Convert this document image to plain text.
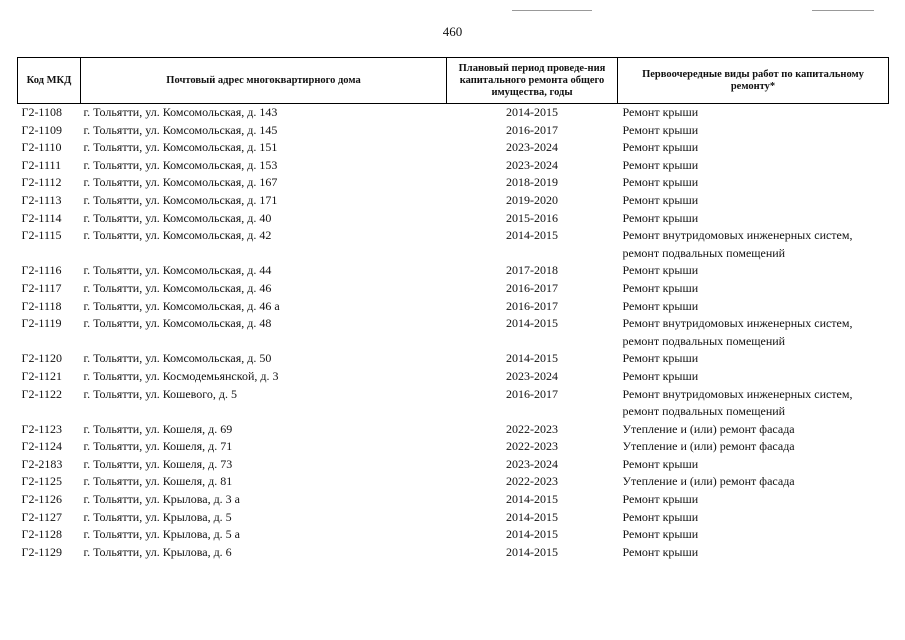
460
Код МКД	Почтовый адрес многоквартирного дома	Плановый период проведе-ния капитального ремонта общего имущества, годы	Первоочередные виды работ по капитальному ремонту*
Г2-1108	г. Тольятти, ул. Комсомольская, д. 143	2014-2015	Ремонт крыши

Г2-1109	г. Тольятти, ул. Комсомольская, д. 145	2016-2017	Ремонт крыши

Г2-1110	г. Тольятти, ул. Комсомольская, д. 151	2023-2024	Ремонт крыши

Г2-1111	г. Тольятти, ул. Комсомольская, д. 153	2023-2024	Ремонт крыши

Г2-1112	г. Тольятти, ул. Комсомольская, д. 167	2018-2019	Ремонт крыши

Г2-1113	г. Тольятти, ул. Комсомольская, д. 171	2019-2020	Ремонт крыши

Г2-1114	г. Тольятти, ул. Комсомольская, д. 40	2015-2016	Ремонт крыши

Г2-1115	г. Тольятти, ул. Комсомольская, д. 42	2014-2015	Ремонт внутридомовых инженерных систем,
ремонт подвальных помещений

Г2-1116	г. Тольятти, ул. Комсомольская, д. 44	2017-2018	Ремонт крыши

Г2-1117	г. Тольятти, ул. Комсомольская, д. 46	2016-2017	Ремонт крыши

Г2-1118	г. Тольятти, ул. Комсомольская, д. 46 а	2016-2017	Ремонт крыши

Г2-1119	г. Тольятти, ул. Комсомольская, д. 48	2014-2015	Ремонт внутридомовых инженерных систем,
ремонт подвальных помещений

Г2-1120	г. Тольятти, ул. Комсомольская, д. 50	2014-2015	Ремонт крыши

Г2-1121	г. Тольятти, ул. Космодемьянской, д. 3	2023-2024	Ремонт крыши

Г2-1122	г. Тольятти, ул. Кошевого, д. 5	2016-2017	Ремонт внутридомовых инженерных систем,
ремонт подвальных помещений

Г2-1123	г. Тольятти, ул. Кошеля, д. 69	2022-2023	Утепление и (или) ремонт фасада

Г2-1124	г. Тольятти, ул. Кошеля, д. 71	2022-2023	Утепление и (или) ремонт фасада

Г2-2183	г. Тольятти, ул. Кошеля, д. 73	2023-2024	Ремонт крыши

Г2-1125	г. Тольятти, ул. Кошеля, д. 81	2022-2023	Утепление и (или) ремонт фасада

Г2-1126	г. Тольятти, ул. Крылова, д. 3 а	2014-2015	Ремонт крыши

Г2-1127	г. Тольятти, ул. Крылова, д. 5	2014-2015	Ремонт крыши

Г2-1128	г. Тольятти, ул. Крылова, д. 5 а	2014-2015	Ремонт крыши

Г2-1129	г. Тольятти, ул. Крылова, д. 6	2014-2015	Ремонт крыши
